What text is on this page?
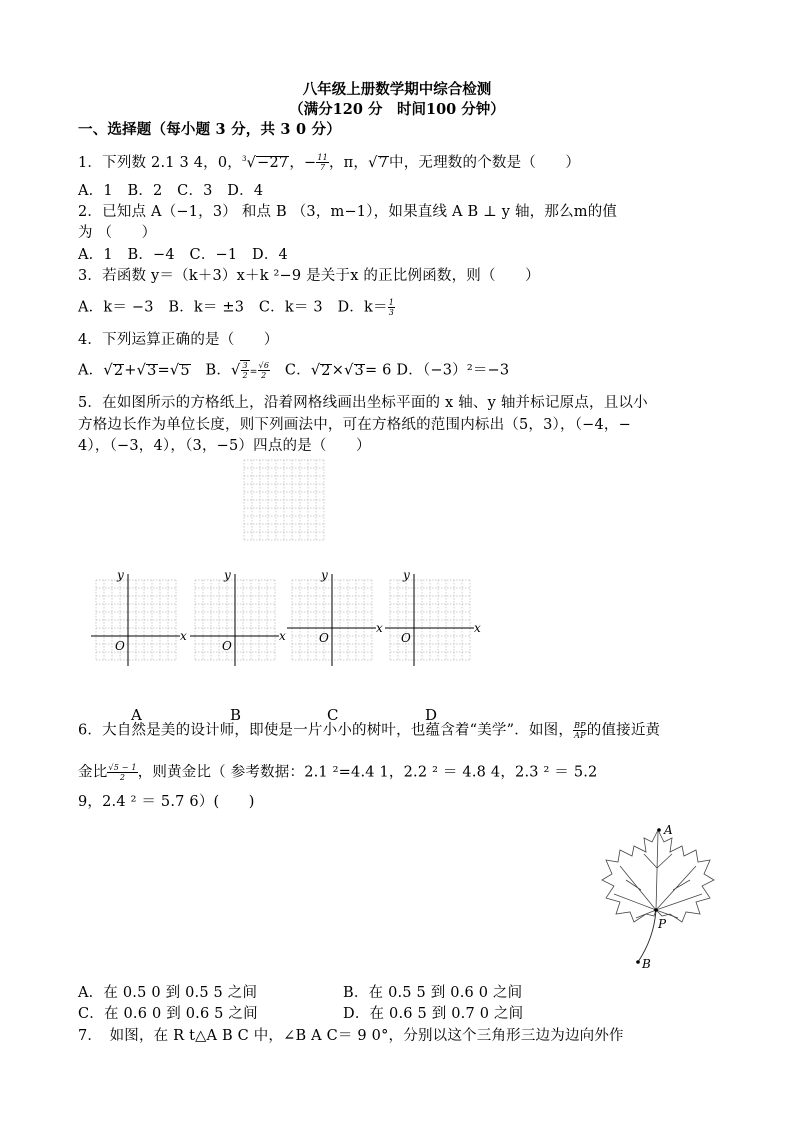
八年级上册数学期中综合检测
（满分120 分　时间100 分钟）
一、选择题（每小题 3 分，共 3 0 分）
1．下列数 2.1 3 4，0，$^3$√−27，− $\frac{11}{7}$ ，π，√7中，无理数的个数是（　　）
A．1　B．2　C．3　D．4
2．已知点 A（−1，3） 和点 B （3，m−1），如果直线 A B ⊥ y 轴，那么m的值
为 （　　）
A．1　B．−4　C．−1　D．4
3．若函数 y＝（k＋3）x＋k ²−9 是关于x 的正比例函数，则（　　）
A．k＝ −3　B．k＝ ±3　C．k＝ 3　D．$k= \frac{1}{3}$
4．下列运算正确的是（　　）
A．√2+√3=√5　B．√ $\frac{3}{2} = \frac{√6}{2}$ 　C．√2×√3= 6 D．（−3）²＝−3
5．在如图所示的方格纸上，沿着网格线画出坐标平面的 x 轴、y 轴并标记原点，且以小
方格边长作为单位长度，则下列画法中，可在方格纸的范围内标出（5，3），（−4，−
4），（−3，4），（3，−5）四点的是（　　）
y
x
O
A
y
x
O
B
y
x
O
C
y
x
O
D
6．大自然是美的设计师，即使是一片小小的树叶，也蕴含着“美学”．如图， $\frac{BP}{AP}$ 的值接近黄
金比 $\frac{√5 - 1}{2}$ ，则黄金比（ 参考数据：2.1 ²=4.4 1，2.2 ² ＝ 4.8 4，2.3 ² ＝ 5.2
9，2.4 ² ＝ 5.7 6）(　　)
A
P
B
A．在 0.5 0 到 0.5 5 之间	B．在 0.5 5 到 0.6 0 之间
C．在 0.6 0 到 0.6 5 之间	D．在 0.6 5 到 0.7 0 之间
7．　如图，在 R t△A B C 中，∠B A C＝ 9 0°，分别以这个三角形三边为边向外作
